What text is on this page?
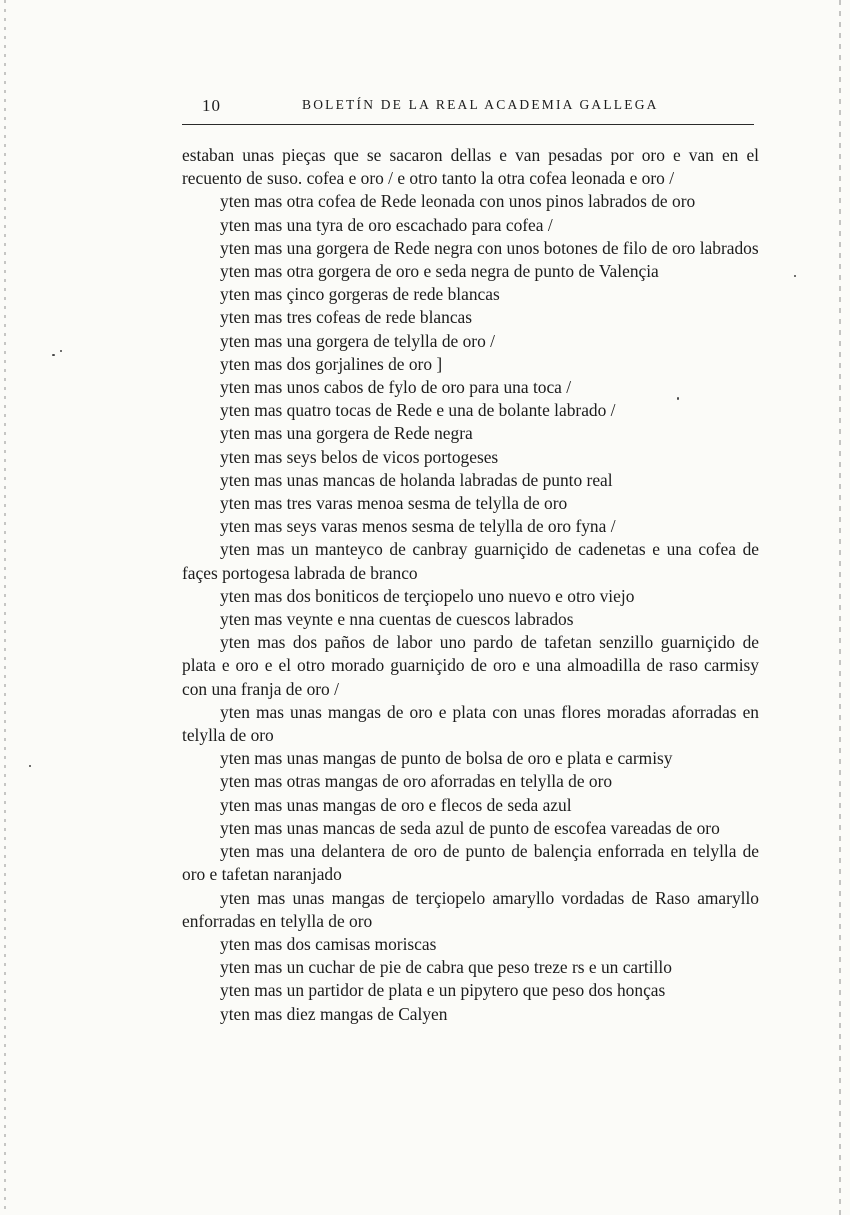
10	BOLETÍN DE LA REAL ACADEMIA GALLEGA

estaban unas pieças que se sacaron dellas e van pesadas por oro e van en el recuento de suso. cofea e oro / e otro tanto la otra cofea leonada e oro /

yten mas otra cofea de Rede leonada con unos pinos labrados de oro

yten mas una tyra de oro escachado para cofea /

yten mas una gorgera de Rede negra con unos botones de filo de oro labrados

yten mas otra gorgera de oro e seda negra de punto de Valençia

yten mas çinco gorgeras de rede blancas

yten mas tres cofeas de rede blancas

yten mas una gorgera de telylla de oro /

yten mas dos gorjalines de oro ]

yten mas unos cabos de fylo de oro para una toca /

yten mas quatro tocas de Rede e una de bolante labrado /

yten mas una gorgera de Rede negra

yten mas seys belos de vicos portogeses

yten mas unas mancas de holanda labradas de punto real

yten mas tres varas menoa sesma de telylla de oro

yten mas seys varas menos sesma de telylla de oro fyna /

yten mas un manteyco de canbray guarniçido de cadenetas e una cofea de façes portogesa labrada de branco

yten mas dos boniticos de terçiopelo uno nuevo e otro viejo

yten mas veynte e nna cuentas de cuescos labrados

yten mas dos paños de labor uno pardo de tafetan senzillo guarniçido de plata e oro e el otro morado guarniçido de oro e una almoadilla de raso carmisy con una franja de oro /

yten mas unas mangas de oro e plata con unas flores moradas aforradas en telylla de oro

yten mas unas mangas de punto de bolsa de oro e plata e carmisy

yten mas otras mangas de oro aforradas en telylla de oro

yten mas unas mangas de oro e flecos de seda azul

yten mas unas mancas de seda azul de punto de escofea vareadas de oro

yten mas una delantera de oro de punto de balençia enforrada en telylla de oro e tafetan naranjado

yten mas unas mangas de terçiopelo amaryllo vordadas de Raso amaryllo enforradas en telylla de oro

yten mas dos camisas moriscas

yten mas un cuchar de pie de cabra que peso treze rs e un cartillo

yten mas un partidor de plata e un pipytero que peso dos honças

yten mas diez mangas de Calyen
